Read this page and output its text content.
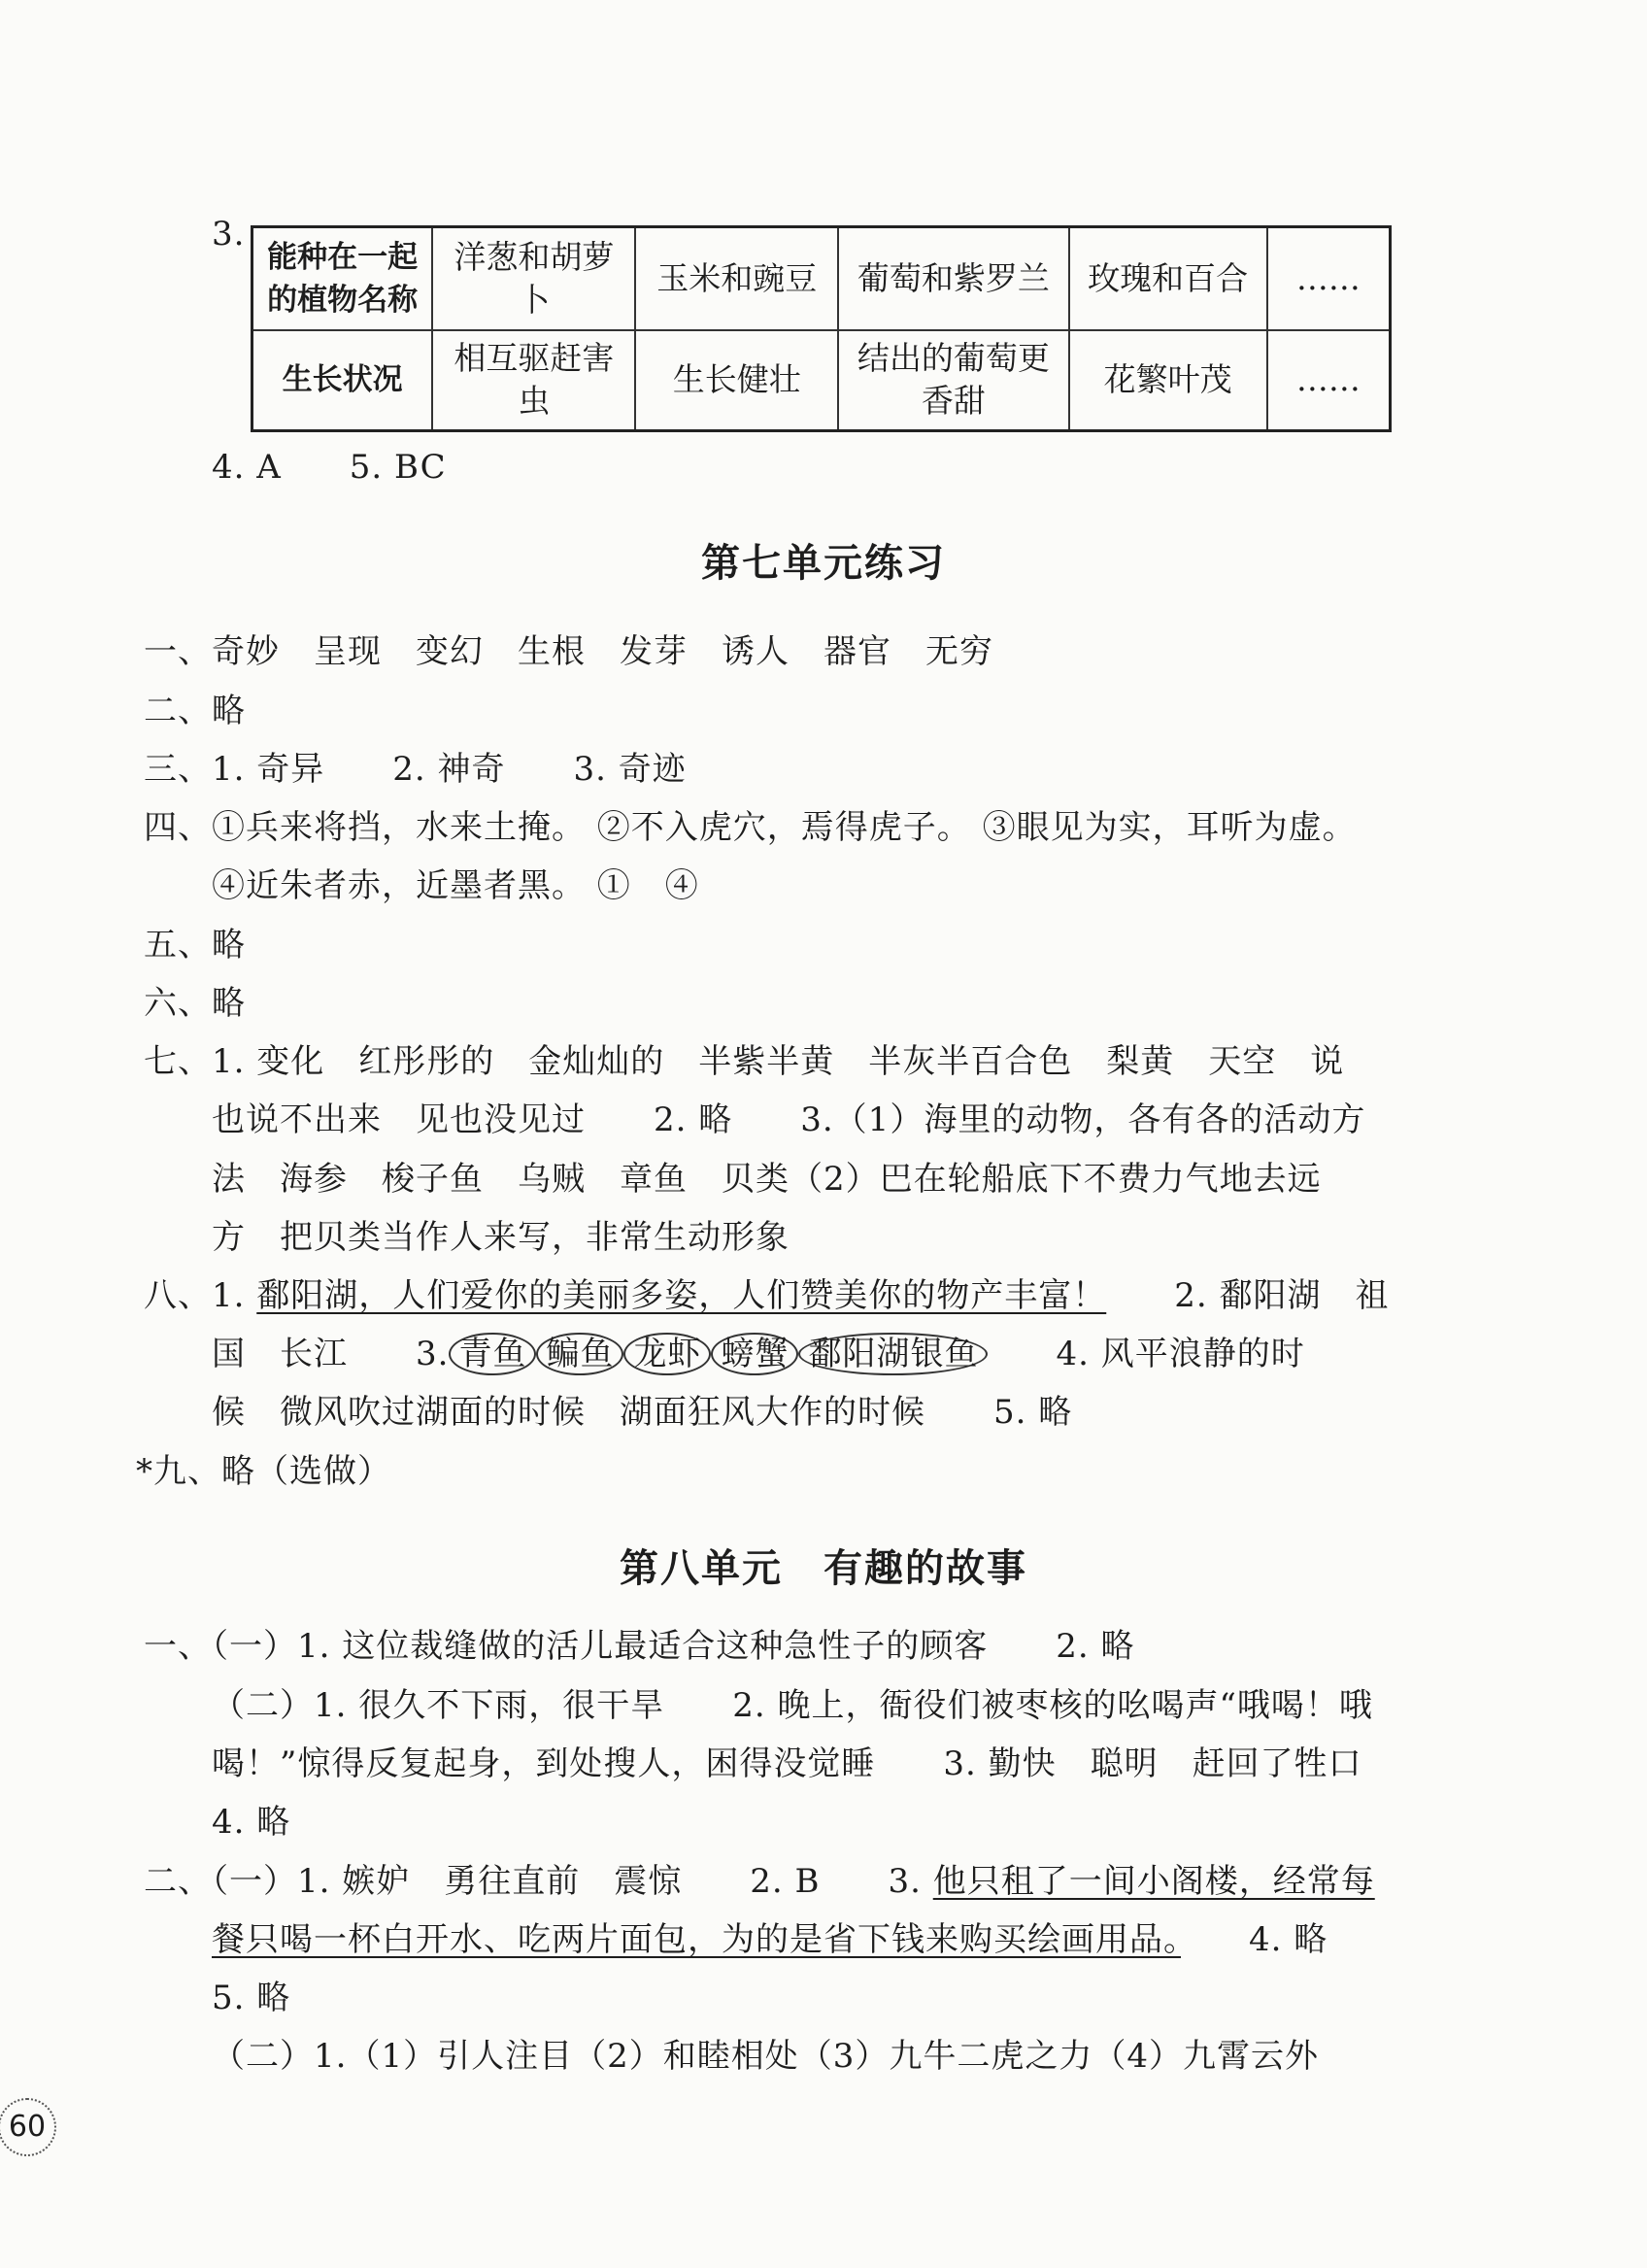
3.
能种在一起的植物名称	洋葱和胡萝卜	玉米和豌豆	葡萄和紫罗兰	玫瑰和百合	……
生长状况	相互驱赶害虫	生长健壮	结出的葡萄更香甜	花繁叶茂	……
4. A　　5. BC
第七单元练习
一、奇妙　呈现　变幻　生根　发芽　诱人　器官　无穷
二、略
三、1. 奇异　　2. 神奇　　3. 奇迹
四、①兵来将挡，水来土掩。 ②不入虎穴，焉得虎子。 ③眼见为实，耳听为虚。
④近朱者赤，近墨者黑。 ①　④
五、略
六、略
七、1. 变化　红彤彤的　金灿灿的　半紫半黄　半灰半百合色　梨黄　天空　说
也说不出来　见也没见过　　2. 略　　3.（1）海里的动物，各有各的活动方
法　海参　梭子鱼　乌贼　章鱼　贝类（2）巴在轮船底下不费力气地去远
方　把贝类当作人来写，非常生动形象
八、1. 鄱阳湖，人们爱你的美丽多姿，人们赞美你的物产丰富！　　2. 鄱阳湖　祖
国　长江　　3. 青鱼 鳊鱼 龙虾 螃蟹 鄱阳湖银鱼　　4. 风平浪静的时
候　微风吹过湖面的时候　湖面狂风大作的时候　　5. 略
*九、略（选做）
第八单元　有趣的故事
一、（一）1. 这位裁缝做的活儿最适合这种急性子的顾客　　2. 略
（二）1. 很久不下雨，很干旱　　2. 晚上，衙役们被枣核的吆喝声“哦喝！哦
喝！”惊得反复起身，到处搜人，困得没觉睡　　3. 勤快　聪明　赶回了牲口
4. 略
二、（一）1. 嫉妒　勇往直前　震惊　　2. B　　3. 他只租了一间小阁楼，经常每
餐只喝一杯白开水、吃两片面包，为的是省下钱来购买绘画用品。　　4. 略
5. 略
（二）1.（1）引人注目（2）和睦相处（3）九牛二虎之力（4）九霄云外
60
